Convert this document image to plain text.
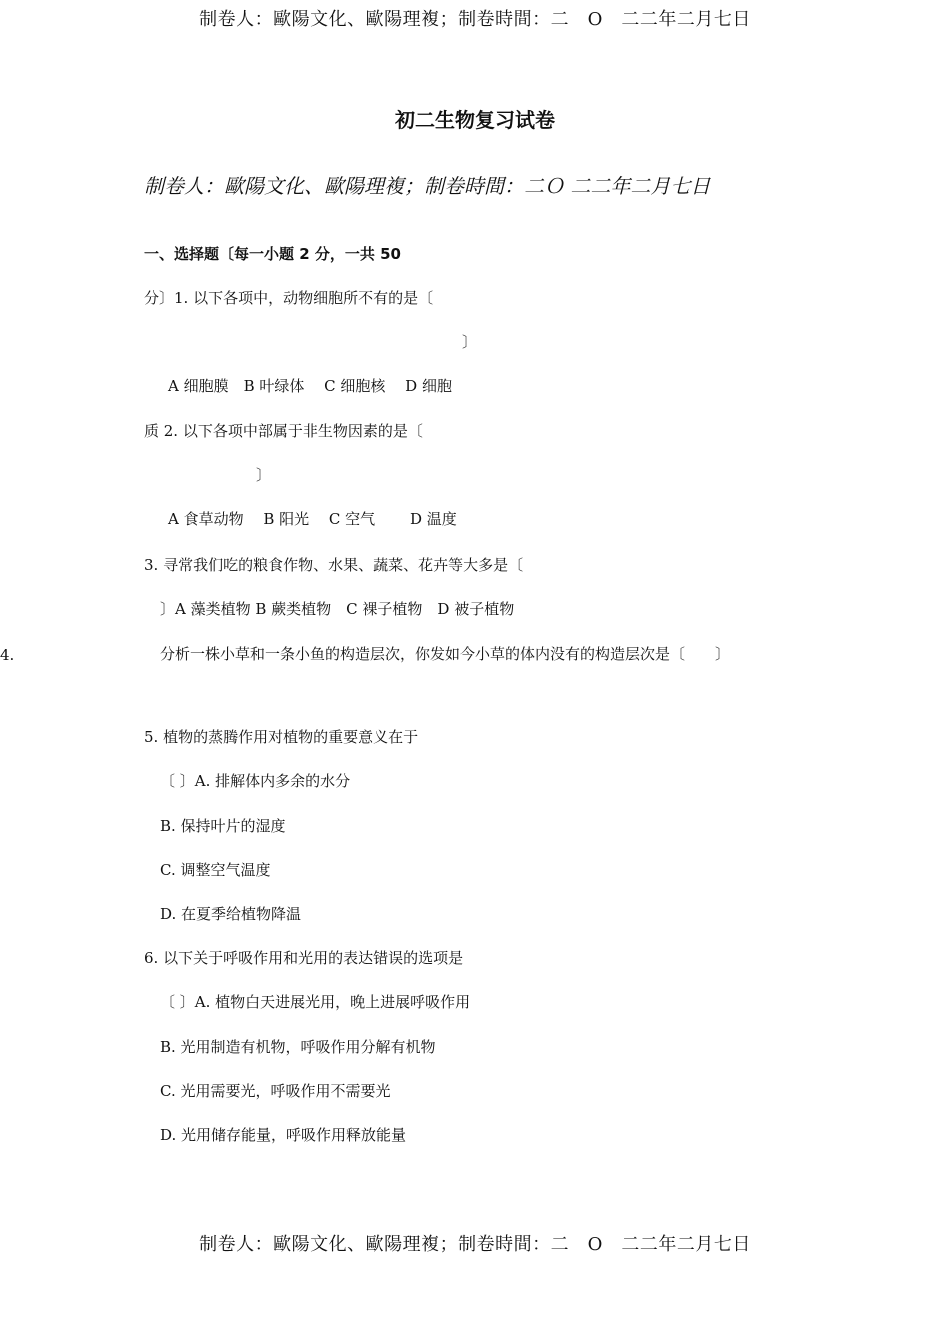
制卷人：歐陽文化、歐陽理複；制卷時間：二　O　二二年二月七日
初二生物复习试卷
制卷人：歐陽文化、歐陽理複；制卷時間：二Ｏ 二二年二月七日
一、选择题〔每一小题 2 分，一共 50
分〕1. 以下各项中，动物细胞所不有的是〔
〕
A 细胞膜　B 叶绿体　 C 细胞核　 D 细胞
质 2. 以下各项中部属于非生物因素的是〔
〕
A 食草动物　 B 阳光　 C 空气　　 D 温度
3. 寻常我们吃的粮食作物、水果、蔬菜、花卉等大多是〔
〕A 藻类植物 B 蕨类植物　C 裸子植物　D 被子植物
4.	分析一株小草和一条小鱼的构造层次，你发如今小草的体内没有的构造层次是〔　　〕
5. 植物的蒸腾作用对植物的重要意义在于
〔 〕A. 排解体内多余的水分
B. 保持叶片的湿度
C. 调整空气温度
D. 在夏季给植物降温
6. 以下关于呼吸作用和光用的表达错误的选项是
〔 〕A. 植物白天进展光用，晚上进展呼吸作用
B. 光用制造有机物，呼吸作用分解有机物
C. 光用需要光，呼吸作用不需要光
D. 光用储存能量，呼吸作用释放能量
制卷人：歐陽文化、歐陽理複；制卷時間：二　O　二二年二月七日
